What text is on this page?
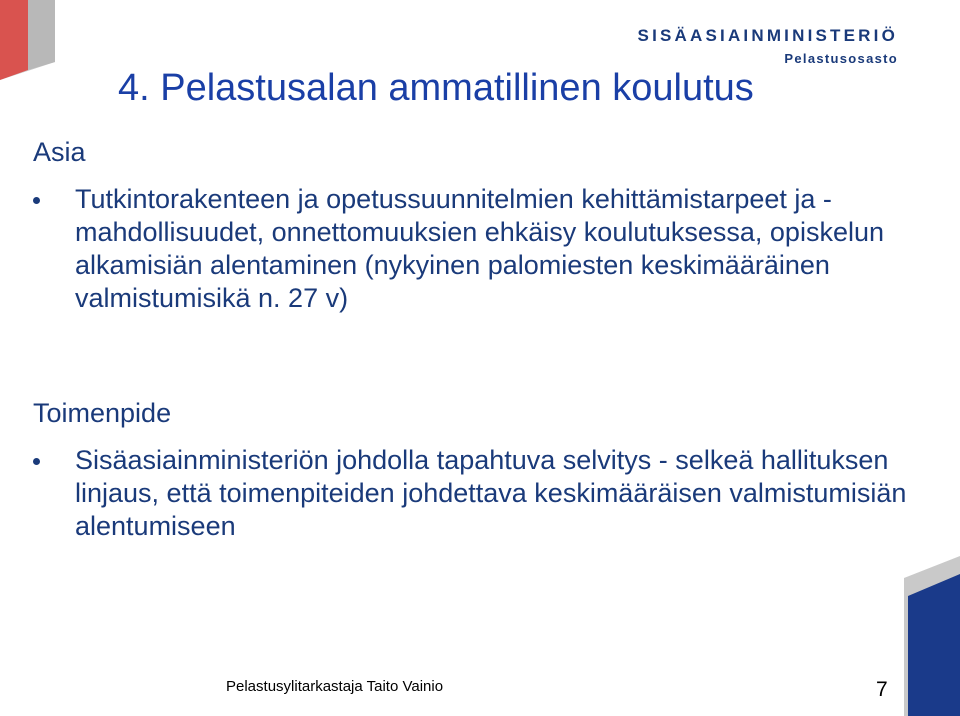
SISÄASIAINMINISTERIÖ
Pelastusosasto
4. Pelastusalan ammatillinen koulutus
Asia

Tutkintorakenteen ja opetussuunnitelmien kehittämistarpeet ja -mahdollisuudet, onnettomuuksien ehkäisy koulutuksessa, opiskelun alkamisiän alentaminen (nykyinen palomiesten keskimääräinen valmistumisikä n. 27 v)

Toimenpide

Sisäasiainministeriön johdolla tapahtuva selvitys - selkeä hallituksen linjaus, että toimenpiteiden johdettava keskimääräisen valmistumisiän alentumiseen

Pelastusylitarkastaja Taito Vainio	7
